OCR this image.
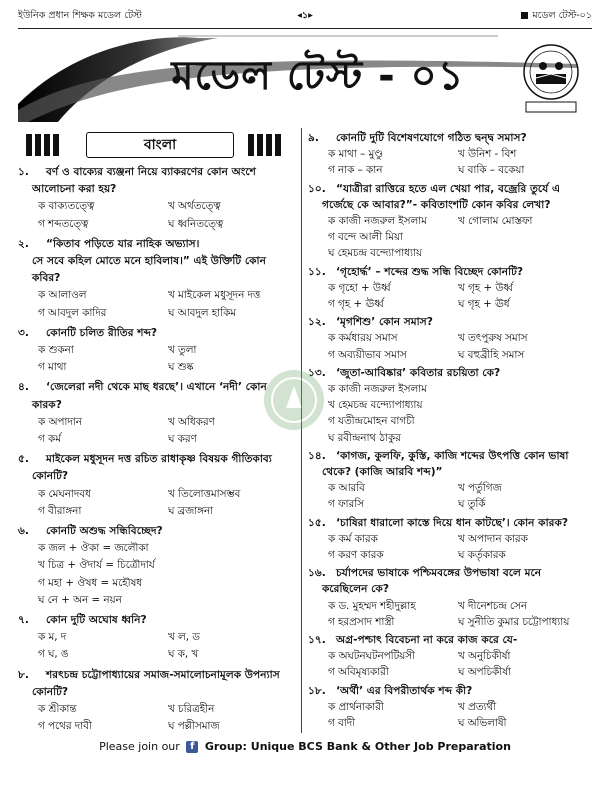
ইউনিক প্রধান শিক্ষক মডেল টেস্ট	◂১▸	মডেল টেস্ট-০১
মডেল টেস্ট - ০১
বাংলা
১. বর্ণ ও বাক্যের ব্যঞ্জনা নিয়ে ব্যাকরণের কোন অংশে
আলোচনা করা হয়?
ক বাক্যতত্ত্বে	খ অর্থতত্ত্বে
গ শব্দতত্ত্বে	ঘ ধ্বনিতত্ত্বে
২. “কিতাব পড়িতে যার নাহিক অভ্যাস।
সে সবে কহিল মোতে মনে হাবিলাষ।” এই উক্তিটি কোন
কবির?
ক আলাওল	খ মাইকেল মধুসূদন দত্ত
গ আবদুল কাদির	ঘ আবদুল হাকিম
৩. কোনটি চলিত রীতির শব্দ?
ক শুকনা	খ তুলা
গ মাথা	ঘ শুষ্ক
৪. ‘জেলেরা নদী থেকে মাছ ধরছে’। এখানে ‘নদী’ কোন
কারক?
ক অপাদান	খ অধিকরণ
গ কর্ম	ঘ করণ
৫. মাইকেল মধুসূদন দত্ত রচিত রাধাকৃষ্ণ বিষয়ক গীতিকাব্য
কোনটি?
ক মেঘনাদবধ	খ তিলোত্তমাসম্ভব
গ বীরাঙ্গনা	ঘ ব্রজাঙ্গনা
৬. কোনটি অশুদ্ধ সন্ধিবিচ্ছেদ?
ক জল + ঔকা = জলৌকা
খ চিত্র + ঔদার্য = চিত্রৌদার্য
গ মহা + ঔষধ = মহৌষধ
ঘ নে + অন = নয়ন
৭. কোন দুটি অঘোষ ধ্বনি?
ক ম, দ	খ ল, ড
গ ঘ, ঙ	ঘ ক, খ
৮. শরৎচন্দ্র চট্টোপাধ্যায়ের সমাজ-সমালোচনামূলক উপন্যাস
কোনটি?
ক শ্রীকান্ত	খ চরিত্রহীন
গ পথের দাবী	ঘ পল্লীসমাজ
৯. কোনটি দুটি বিশেষণযোগে গঠিত দ্বন্দ্ব সমাস?
ক মাথা – মুণ্ডু	খ উনিশ - বিশ
গ নাক – কান	ঘ বাকি – বকেয়া
১০. “যাত্রীরা রাত্তিরে হতে এল খেয়া পার, বজ্রেরি তুর্যে এ
গর্জেছে কে আবার?”- কবিতাংশটি কোন কবির লেখা?
ক কাজী নজরুল ইসলাম	খ গোলাম মোস্তফা
গ বন্দে আলী মিয়া
ঘ হেমচন্দ্র বন্দ্যোপাধ্যায়
১১. ‘গৃহোর্দ্ধ’ – শব্দের শুদ্ধ সন্ধি বিচ্ছেদ কোনটি?
ক গৃহো + উর্ধ্ব	খ গৃহ + উর্ধ্ব
গ গৃহ + ঊর্ধ্ব	ঘ গৃহ + ঊর্ধ
১২. ‘মৃগশিশু’ কোন সমাস?
ক কর্মধারয় সমাস	খ তৎপুরুষ সমাস
গ অব্যয়ীভাব সমাস	ঘ বহুব্রীহি সমাস
১৩. ‘জুতা-আবিষ্কার’ কবিতার রচয়িতা কে?
ক কাজী নজরুল ইসলাম
খ হেমচন্দ্র বন্দ্যোপাধ্যায়
গ যতীন্দ্রমোহন বাগচী
ঘ রবীন্দ্রনাথ ঠাকুর
১৪. ‘কাগজ, কুলফি, কুস্তি, কাজি শব্দের উৎপত্তি কোন ভাষা
থেকে? (কাজি আরবি শব্দ)”
ক আরবি	খ পর্তুগিজ
গ ফারসি	ঘ তুর্কি
১৫. ‘চাষিরা ধারালো কাস্তে দিয়ে ধান কাটছে’। কোন কারক?
ক কর্ম কারক	খ অপাদান কারক
গ করণ কারক	ঘ কর্তৃকারক
১৬. চর্যাপদের ভাষাকে পশ্চিমবঙ্গের উপভাষা বলে মনে
করেছিলেন কে?
ক ড. মুহম্মদ শহীদুল্লাহ	খ দীনেশচন্দ্র সেন
গ হরপ্রসাদ শাস্ত্রী	ঘ সুনীতি কুমার চট্টোপাধ্যায়
১৭. অগ্র-পশ্চাৎ বিবেচনা না করে কাজ করে যে-
ক অঘটনঘটনপটিয়সী	খ অনুচিকীর্ষা
গ অবিমৃষ্যকারী	ঘ অপচিকীর্ষা
১৮. ‘অর্থী’ এর বিপরীতার্থক শব্দ কী?
ক প্রার্থনাকারী	খ প্রত্যর্থী
গ বাদী	ঘ অভিলাষী
Please join our f Group: Unique BCS Bank & Other Job Preparation
